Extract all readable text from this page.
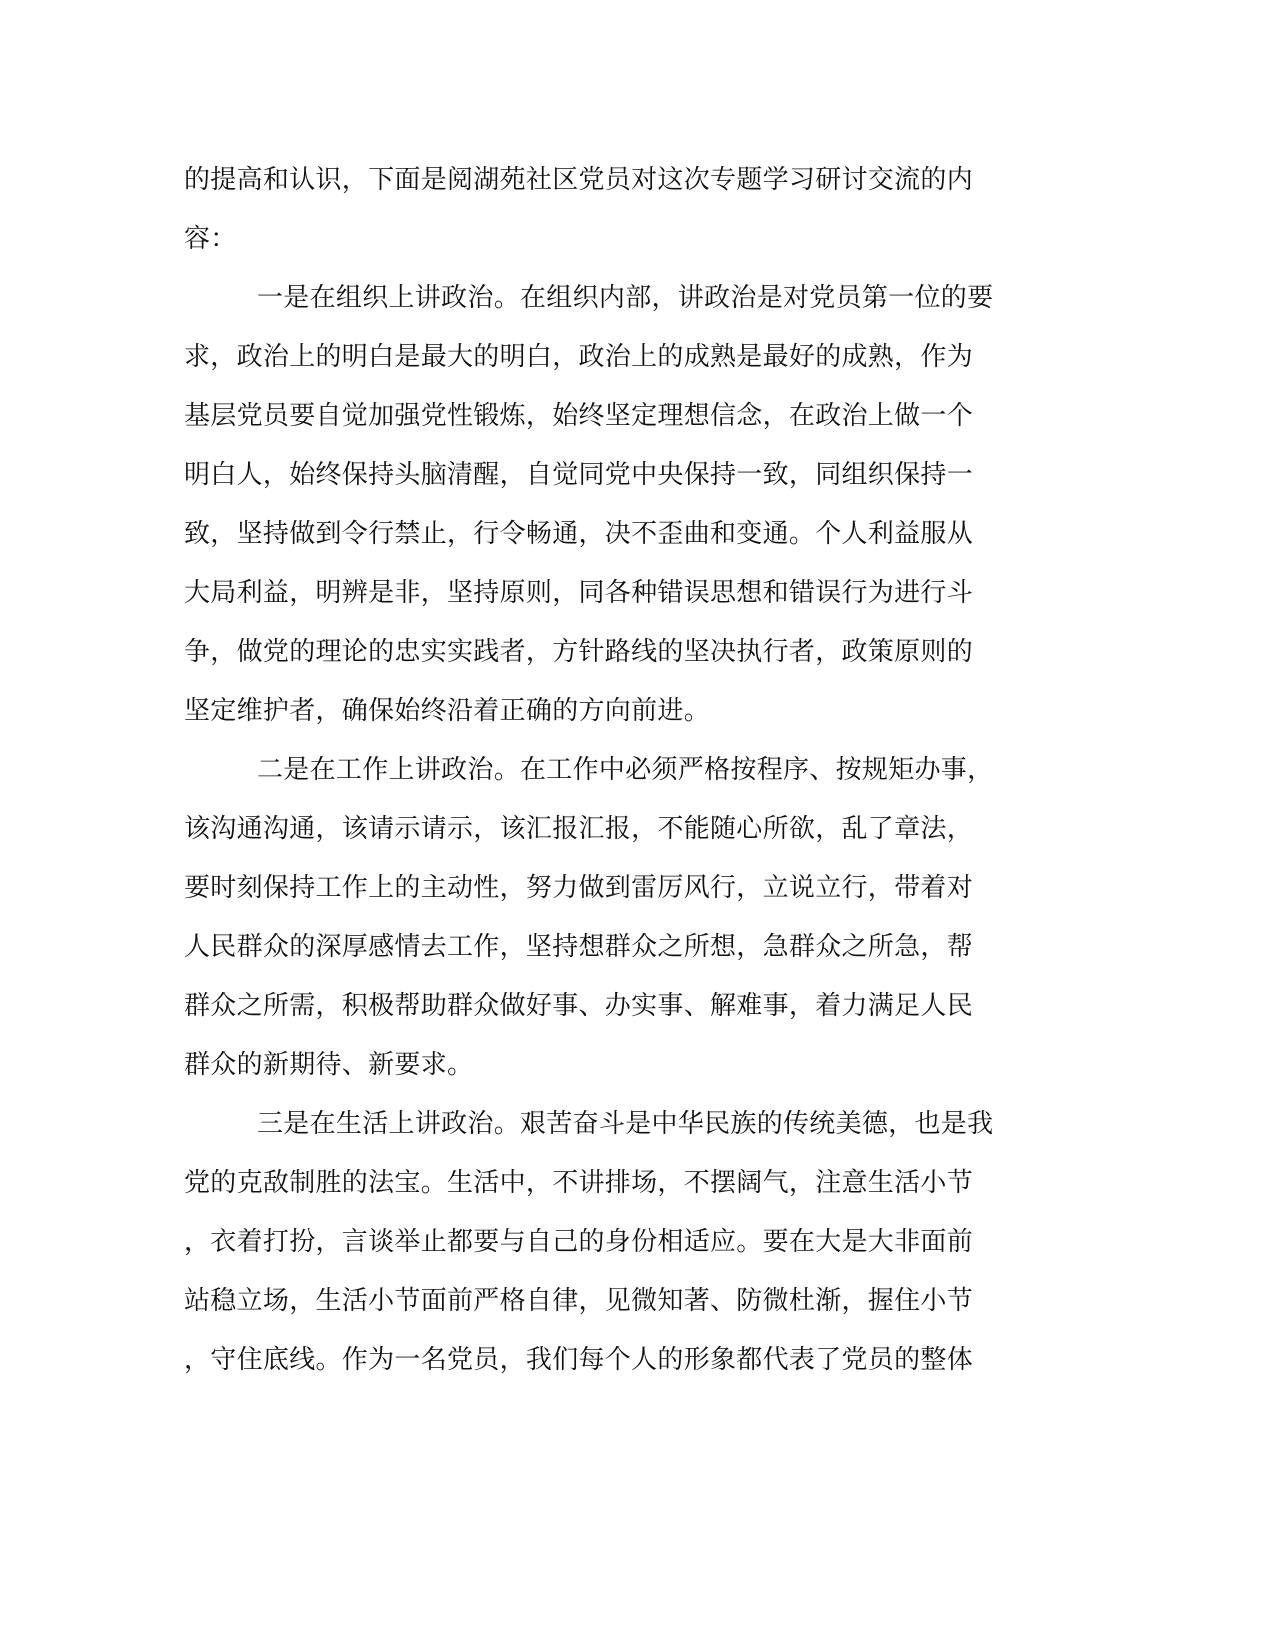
的提高和认识，下面是阅湖苑社区党员对这次专题学习研讨交流的内
容：
一是在组织上讲政治。在组织内部，讲政治是对党员第一位的要
求，政治上的明白是最大的明白，政治上的成熟是最好的成熟，作为
基层党员要自觉加强党性锻炼，始终坚定理想信念，在政治上做一个
明白人，始终保持头脑清醒，自觉同党中央保持一致，同组织保持一
致，坚持做到令行禁止，行令畅通，决不歪曲和变通。个人利益服从
大局利益，明辨是非，坚持原则，同各种错误思想和错误行为进行斗
争，做党的理论的忠实实践者，方针路线的坚决执行者，政策原则的
坚定维护者，确保始终沿着正确的方向前进。
二是在工作上讲政治。在工作中必须严格按程序、按规矩办事，
该沟通沟通，该请示请示，该汇报汇报，不能随心所欲，乱了章法，
要时刻保持工作上的主动性，努力做到雷厉风行，立说立行，带着对
人民群众的深厚感情去工作，坚持想群众之所想，急群众之所急，帮
群众之所需，积极帮助群众做好事、办实事、解难事，着力满足人民
群众的新期待、新要求。
三是在生活上讲政治。艰苦奋斗是中华民族的传统美德，也是我
党的克敌制胜的法宝。生活中，不讲排场，不摆阔气，注意生活小节
，衣着打扮，言谈举止都要与自己的身份相适应。要在大是大非面前
站稳立场，生活小节面前严格自律，见微知著、防微杜渐，握住小节
，守住底线。作为一名党员，我们每个人的形象都代表了党员的整体
